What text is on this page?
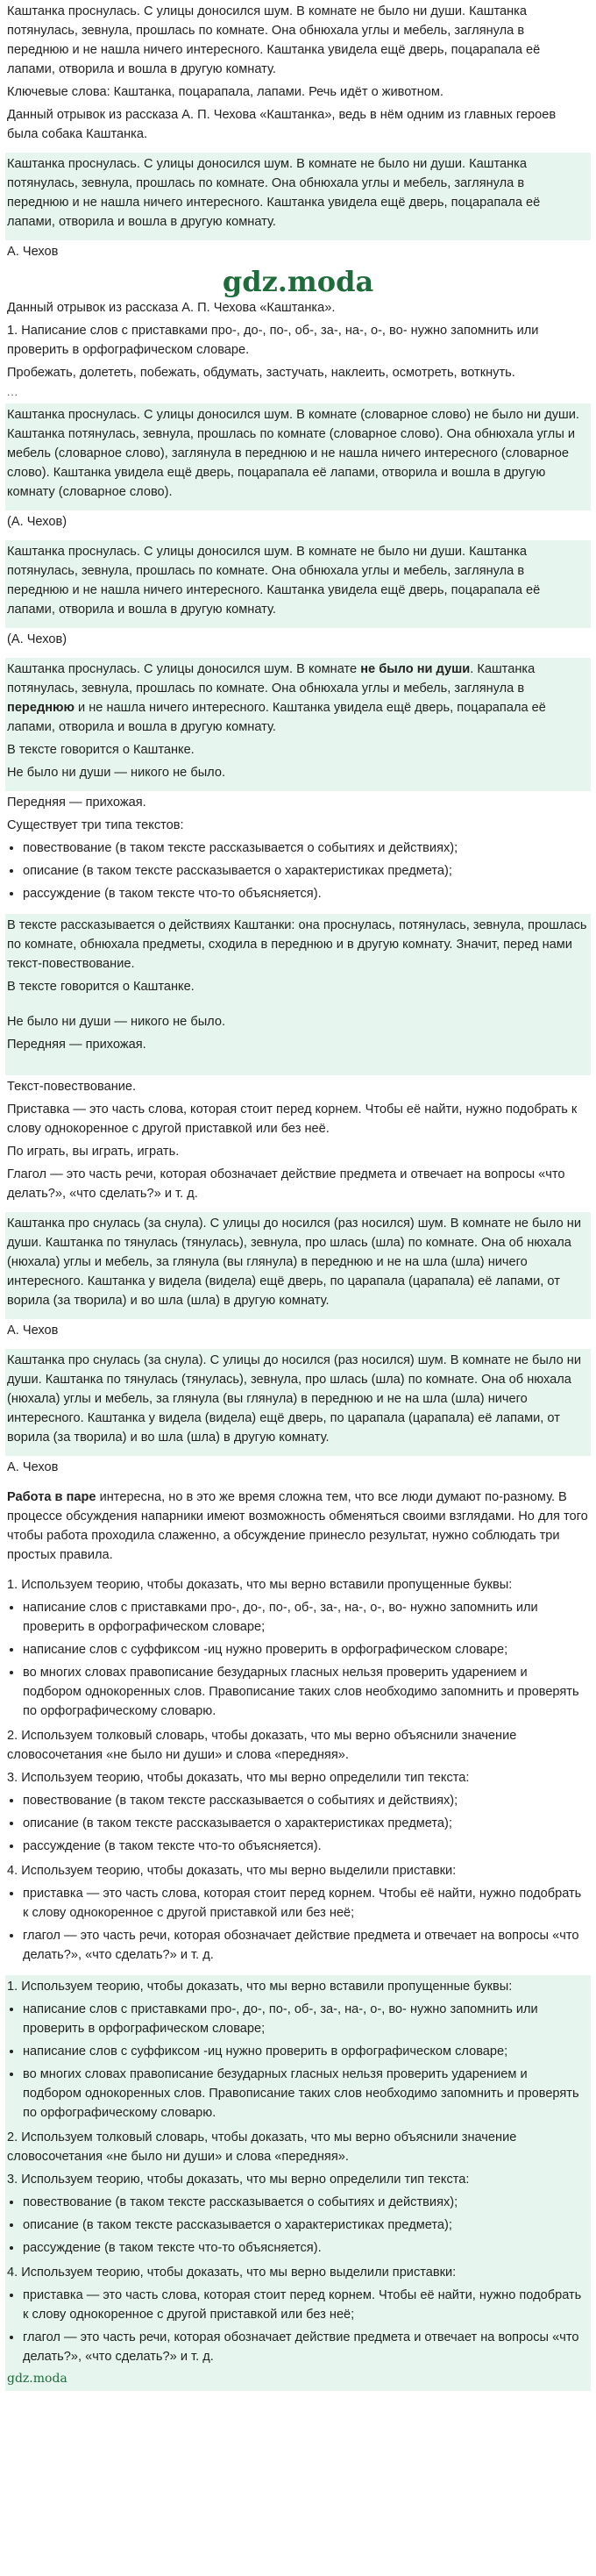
Каштанка проснулась. С улицы доносился шум. В комнате не было ни души. Каштанка потянулась, зевнула, прошлась по комнате. Она обнюхала углы и мебель, заглянула в переднюю и не нашла ничего интересного. Каштанка увидела ещё дверь, поцарапала её лапами, отворила и вошла в другую комнату.

Ключевые слова: Каштанка, поцарапала, лапами. Речь идёт о животном.

Данный отрывок из рассказа А. П. Чехова «Каштанка», ведь в нём одним из главных героев была собака Каштанка.

Каштанка проснулась. С улицы доносился шум. В комнате не было ни души. Каштанка потянулась, зевнула, прошлась по комнате. Она обнюхала углы и мебель, заглянула в переднюю и не нашла ничего интересного. Каштанка увидела ещё дверь, поцарапала её лапами, отворила и вошла в другую комнату.

А. Чехов

gdz.moda

Данный отрывок из рассказа А. П. Чехова «Каштанка».

1. Написание слов с приставками про-, до-, по-, об-, за-, на-, о-, во- нужно запомнить или проверить в орфографическом словаре.

Пробежать, долететь, побежать, обдумать, застучать, наклеить, осмотреть, воткнуть.

...

Каштанка проснулась. С улицы доносился шум. В комнате (словарное слово) не было ни души. Каштанка потянулась, зевнула, прошлась по комнате (словарное слово). Она обнюхала углы и мебель (словарное слово), заглянула в переднюю и не нашла ничего интересного (словарное слово). Каштанка увидела ещё дверь, поцарапала её лапами, отворила и вошла в другую комнату (словарное слово).

(А. Чехов)

Каштанка проснулась. С улицы доносился шум. В комнате не было ни души. Каштанка потянулась, зевнула, прошлась по комнате. Она обнюхала углы и мебель, заглянула в переднюю и не нашла ничего интересного. Каштанка увидела ещё дверь, поцарапала её лапами, отворила и вошла в другую комнату.

(А. Чехов)

Каштанка проснулась. С улицы доносился шум. В комнате не было ни души. Каштанка потянулась, зевнула, прошлась по комнате. Она обнюхала углы и мебель, заглянула в переднюю и не нашла ничего интересного. Каштанка увидела ещё дверь, поцарапала её лапами, отворила и вошла в другую комнату.

В тексте говорится о Каштанке.

Не было ни души — никого не было.

Передняя — прихожая.

Существует три типа текстов:

• повествование (в таком тексте рассказывается о событиях и действиях);
• описание (в таком тексте рассказывается о характеристиках предмета);
• рассуждение (в таком тексте что-то объясняется).

В тексте рассказывается о действиях Каштанки: она проснулась, потянулась, зевнула, прошлась по комнате, обнюхала предметы, сходила в переднюю и в другую комнату. Значит, перед нами текст-повествование.

В тексте говорится о Каштанке.

Не было ни души — никого не было.

Передняя — прихожая.

Текст-повествование.

Приставка — это часть слова, которая стоит перед корнем. Чтобы её найти, нужно подобрать к слову однокоренное с другой приставкой или без неё.

По играть, вы играть, играть.

Глагол — это часть речи, которая обозначает действие предмета и отвечает на вопросы «что делать?», «что сделать?» и т. д.

Каштанка про снулась (за снула). С улицы до носился (раз носился) шум. В комнате не было ни души. Каштанка по тянулась (тянулась), зевнула, про шлась (шла) по комнате. Она об нюхала (нюхала) углы и мебель, за глянула (вы глянула) в переднюю и не на шла (шла) ничего интересного. Каштанка у видела (видела) ещё дверь, по царапала (царапала) её лапами, от ворила (за творила) и во шла (шла) в другую комнату.

А. Чехов

Каштанка про снулась (за снула). С улицы до носился (раз носился) шум. В комнате не было ни души. Каштанка по тянулась (тянулась), зевнула, про шлась (шла) по комнате. Она об нюхала (нюхала) углы и мебель, за глянула (вы глянула) в переднюю и не на шла (шла) ничего интересного. Каштанка у видела (видела) ещё дверь, по царапала (царапала) её лапами, от ворила (за творила) и во шла (шла) в другую комнату.

А. Чехов

Работа в паре интересна, но в это же время сложна тем, что все люди думают по-разному. В процессе обсуждения напарники имеют возможность обменяться своими взглядами. Но для того чтобы работа проходила слаженно, а обсуждение принесло результат, нужно соблюдать три простых правила.

1. Используем теорию, чтобы доказать, что мы верно вставили пропущенные буквы:

• написание слов с приставками про-, до-, по-, об-, за-, на-, о-, во- нужно запомнить или проверить в орфографическом словаре;
• написание слов с суффиксом -иц нужно проверить в орфографическом словаре;
• во многих словах правописание безударных гласных нельзя проверить ударением и подбором однокоренных слов. Правописание таких слов необходимо запомнить и проверять по орфографическому словарю.

2. Используем толковый словарь, чтобы доказать, что мы верно объяснили значение словосочетания «не было ни души» и слова «передняя».

3. Используем теорию, чтобы доказать, что мы верно определили тип текста:

• повествование (в таком тексте рассказывается о событиях и действиях);
• описание (в таком тексте рассказывается о характеристиках предмета);
• рассуждение (в таком тексте что-то объясняется).

4. Используем теорию, чтобы доказать, что мы верно выделили приставки:

• приставка — это часть слова, которая стоит перед корнем. Чтобы её найти, нужно подобрать к слову однокоренное с другой приставкой или без неё;
• глагол — это часть речи, которая обозначает действие предмета и отвечает на вопросы «что делать?», «что сделать?» и т. д.

1. Используем теорию, чтобы доказать, что мы верно вставили пропущенные буквы:

• написание слов с приставками про-, до-, по-, об-, за-, на-, о-, во- нужно запомнить или проверить в орфографическом словаре;
• написание слов с суффиксом -иц нужно проверить в орфографическом словаре;
• во многих словах правописание безударных гласных нельзя проверить ударением и подбором однокоренных слов. Правописание таких слов необходимо запомнить и проверять по орфографическому словарю.

2. Используем толковый словарь, чтобы доказать, что мы верно объяснили значение словосочетания «не было ни души» и слова «передняя».

3. Используем теорию, чтобы доказать, что мы верно определили тип текста:

• повествование (в таком тексте рассказывается о событиях и действиях);
• описание (в таком тексте рассказывается о характеристиках предмета);
• рассуждение (в таком тексте что-то объясняется).

4. Используем теорию, чтобы доказать, что мы верно выделили приставки:

• приставка — это часть слова, которая стоит перед корнем. Чтобы её найти, нужно подобрать к слову однокоренное с другой приставкой или без неё;
• глагол — это часть речи, которая обозначает действие предмета и отвечает на вопросы «что делать?», «что сделать?» и т. д.
gdz.moda
